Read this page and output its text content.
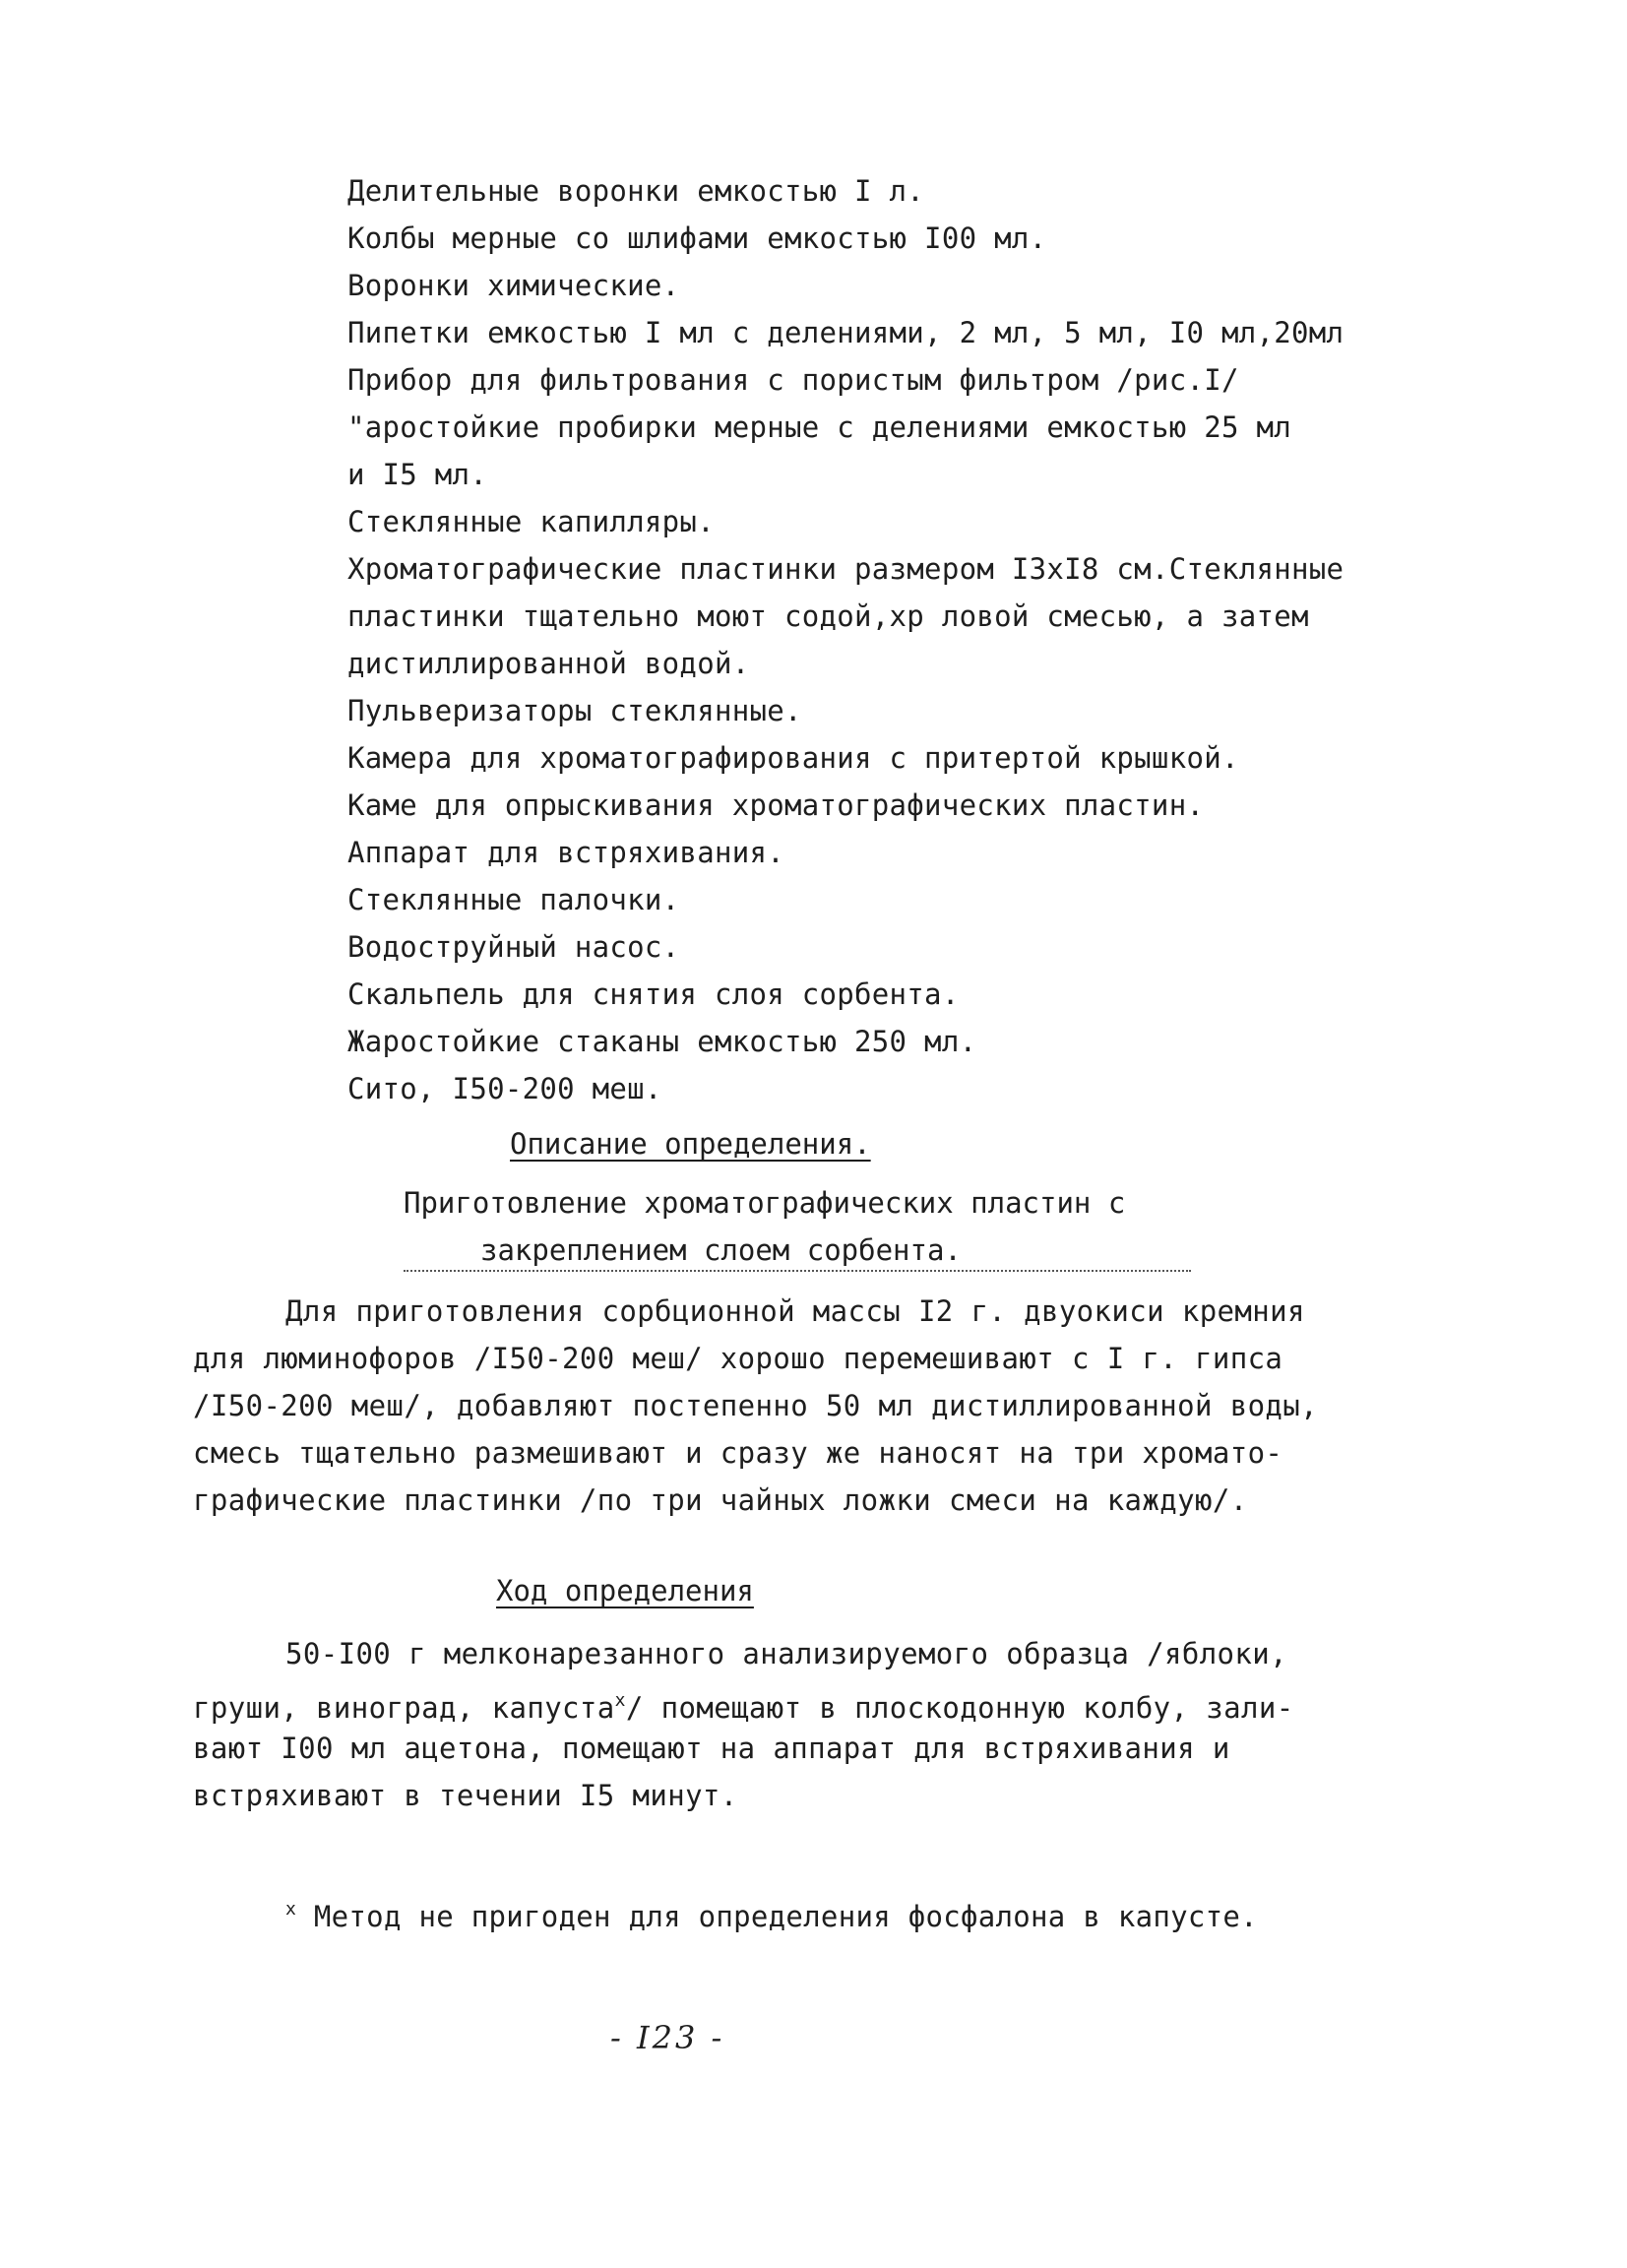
Делительные воронки емкостью I л.
Колбы мерные со шлифами емкостью I00 мл.
Воронки химические.
Пипетки емкостью I мл с делениями, 2 мл, 5 мл, I0 мл,20мл
Прибор для фильтрования с пористым фильтром /рис.I/
"аростойкие пробирки мерные с делениями емкостью 25 мл
и I5 мл.
Стеклянные капилляры.
Хроматографические пластинки размером I3xI8 см.Стеклянные
пластинки тщательно моют содой,хр ловой смесью, а затем
дистиллированной водой.
Пульверизаторы стеклянные.
Камера для хроматографирования с притертой крышкой.
Каме для опрыскивания хроматографических пластин.
Аппарат для встряхивания.
Стеклянные палочки.
Водоструйный насос.
Скальпель для снятия слоя сорбента.
Жаростойкие стаканы емкостью 250 мл.
Сито, I50-200 меш.
Описание определения.
Приготовление хроматографических пластин с
закреплением слоем сорбента.
Для приготовления сорбционной массы I2 г. двуокиси кремния
для люминофоров /I50-200 меш/ хорошо перемешивают с I г. гипса
/I50-200 меш/, добавляют постепенно 50 мл дистиллированной воды,
смесь тщательно размешивают и сразу же наносят на три хромато-
графические пластинки /по три чайных ложки смеси на каждую/.
Ход определения
50-I00 г мелконарезанного анализируемого образца /яблоки,
груши, виноград, капуста$^x$/ помещают в плоскодонную колбу, зали-
вают I00 мл ацетона, помещают на аппарат для встряхивания и
встряхивают в течении I5 минут.
$^x$ Метод не пригоден для определения фосфалона в капусте.
- I23 -
